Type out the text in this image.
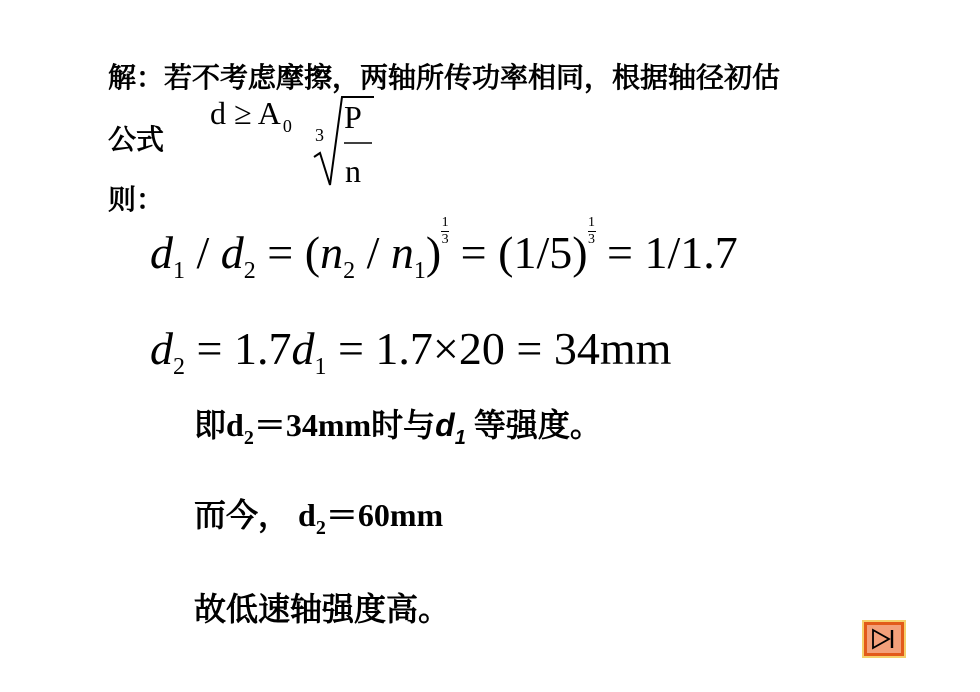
解：若不考虑摩擦，两轴所传功率相同，根据轴径初估
公式
则：
d ≥ A $_0$ 3 P
n
$d_1 / d_2 = (n_2 / n_1) \frac{1}{3} = (1/5) \frac{1}{3} = 1/1.7$
$d_2 = 1.7d_1 = 1.7\times 20 = 34mm$
即$d_2=34mm$时与$d_1$ 等强度。
而今， $d_2=60mm$
故低速轴强度高。
